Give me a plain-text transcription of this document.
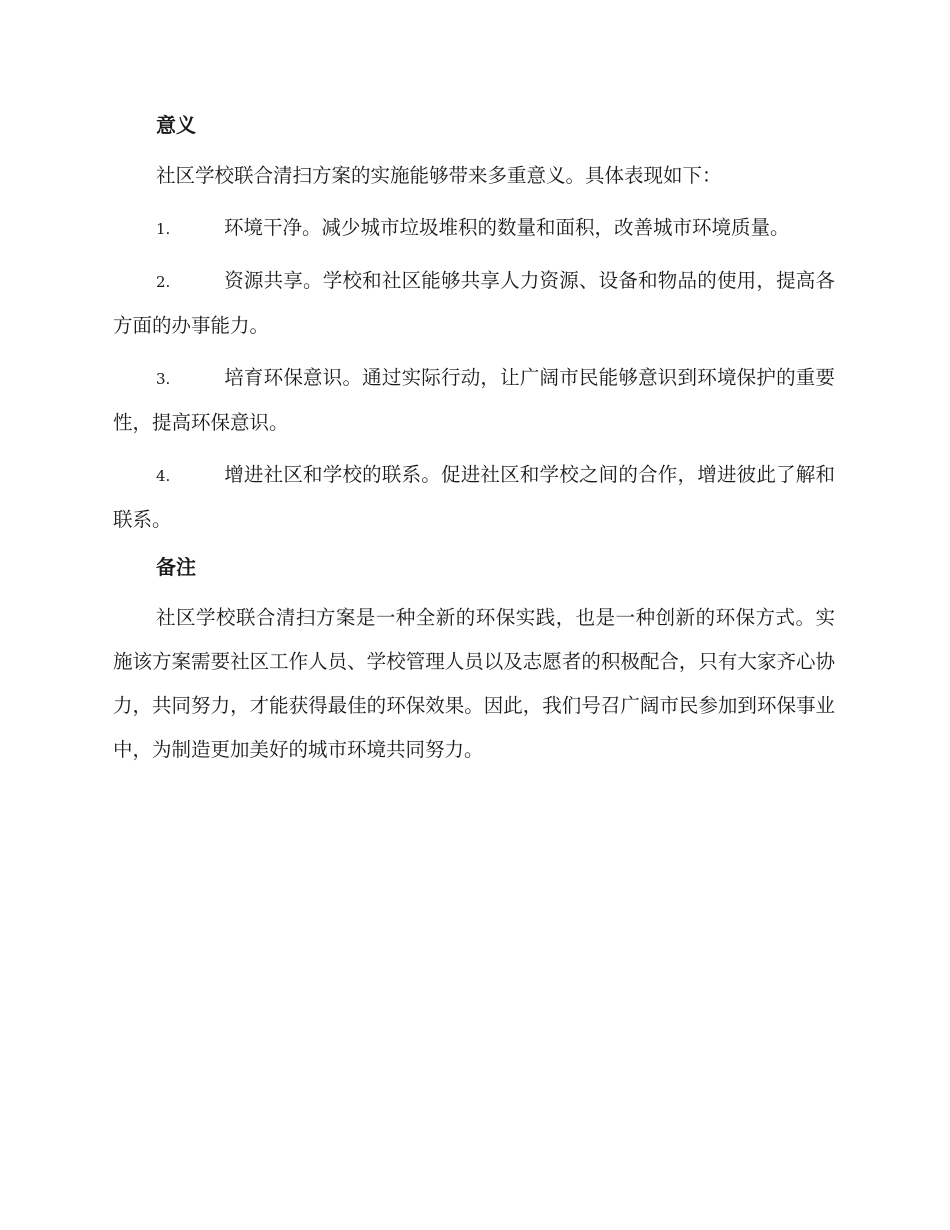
意义

社区学校联合清扫方案的实施能够带来多重意义。具体表现如下：

1.	环境干净。减少城市垃圾堆积的数量和面积，改善城市环境质量。

2.	资源共享。学校和社区能够共享人力资源、设备和物品的使用，提高各方面的办事能力。

3.	培育环保意识。通过实际行动，让广阔市民能够意识到环境保护的重要性，提高环保意识。

4.	增进社区和学校的联系。促进社区和学校之间的合作，增进彼此了解和联系。

备注

社区学校联合清扫方案是一种全新的环保实践，也是一种创新的环保方式。实施该方案需要社区工作人员、学校管理人员以及志愿者的积极配合，只有大家齐心协力，共同努力，才能获得最佳的环保效果。因此，我们号召广阔市民参加到环保事业中，为制造更加美好的城市环境共同努力。
